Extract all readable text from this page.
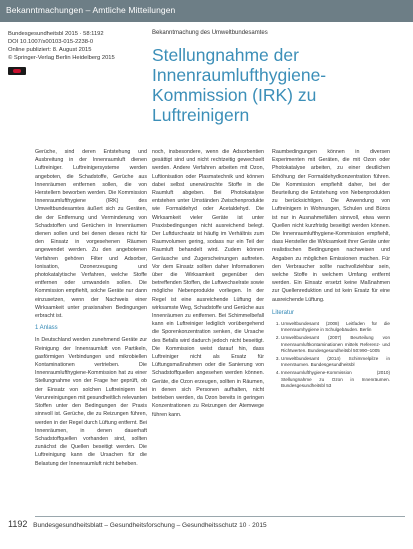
Bekanntmachungen – Amtliche Mitteilungen
Bundesgesundheitsbl 2015 · 58:1192
DOI 10.1007/s00103-015-2238-0
Online publiziert: 8. August 2015
© Springer-Verlag Berlin Heidelberg 2015
Bekanntmachung des Umweltbundesamtes
Stellungnahme der Innenraumlufthygiene-Kommission (IRK) zu Luftreinigern

Gerüche, sind deren Entstehung und Ausbreitung in der Innenraumluft dienen Luftreiniger. Luftreinigersysteme werden angeboten, die Schadstoffe, Gerüche aus Innenräumen entfernen sollen, die von Herstellern beworben werden. Die Kommission Innenraumlufthygiene (IRK) des Umweltbundesamtes äußert sich zu Geräten, die der Entfernung und Verminderung von Schadstoffen und Gerüchen in Innenräumen dienen sollen und bei denen dieses nicht für den Einsatz in vorgesehenen Räumen angewendet werden. Zu den angebotenen Verfahren gehören Filter und Adsorber, Ionisation, Ozonerzeugung und photokatalytische Verfahren, welche Stoffe entfernen oder umwandeln sollen. Die Kommission empfiehlt, solche Geräte nur dann einzusetzen, wenn der Nachweis einer Wirksamkeit unter praxisnahen Bedingungen erbracht ist.

1 Anlass

In Deutschland werden zunehmend Geräte zur Reinigung der Innenraumluft von Partikeln, gasförmigen Verbindungen und mikrobiellen Kontaminationen vertrieben. Die Innenraumlufthygiene-Kommission hat zu einer Stellungnahme von der Frage her geprüft, ob der Einsatz von solchen Luftreinigern bei Verunreinigungen mit gesundheitlich relevanten Stoffen unter den Bedingungen der Praxis sinnvoll ist. Gerüche, die zu Reizungen führen, werden in der Regel durch Lüftung entfernt. Bei Innenräumen, in denen dauerhaft Schadstoffquellen vorhanden sind, sollten zunächst die Quellen beseitigt werden. Die Luftreinigung kann die Ursachen für die Belastung der Innenraumluft nicht beheben.

noch, insbesondere, wenn die Adsorbentien gesättigt sind und nicht rechtzeitig gewechselt werden. Andere Verfahren arbeiten mit Ozon, Luftionisation oder Plasmatechnik und können dabei selbst unerwünschte Stoffe in die Raumluft abgeben. Bei Photokatalyse entstehen unter Umständen Zwischenprodukte wie Formaldehyd oder Acetaldehyd. Die Wirksamkeit vieler Geräte ist unter Praxisbedingungen nicht ausreichend belegt. Der Luftdurchsatz ist häufig im Verhältnis zum Raumvolumen gering, sodass nur ein Teil der Raumluft behandelt wird. Zudem können Geräusche und Zugerscheinungen auftreten. Vor dem Einsatz sollten daher Informationen über die Wirksamkeit gegenüber den betreffenden Stoffen, die Luftwechselrate sowie mögliche Nebenprodukte vorliegen. In der Regel ist eine ausreichende Lüftung der wirksamste Weg, Schadstoffe und Gerüche aus Innenräumen zu entfernen. Bei Schimmelbefall kann ein Luftreiniger lediglich vorübergehend die Sporenkonzentration senken, die Ursache des Befalls wird dadurch jedoch nicht beseitigt. Die Kommission weist darauf hin, dass Luftreiniger nicht als Ersatz für Lüftungsmaßnahmen oder die Sanierung von Schadstoffquellen angesehen werden können. Geräte, die Ozon erzeugen, sollten in Räumen, in denen sich Personen aufhalten, nicht betrieben werden, da Ozon bereits in geringen Konzentrationen zu Reizungen der Atemwege führen kann.

Raumbedingungen können in diversen Experimenten mit Geräten, die mit Ozon oder Photokatalyse arbeiten, zu einer deutlichen Erhöhung der Formaldehydkonzentration führen. Die Kommission empfiehlt daher, bei der Beurteilung die Entstehung von Nebenprodukten zu berücksichtigen. Die Anwendung von Luftreinigern in Wohnungen, Schulen und Büros ist nur in Ausnahmefällen sinnvoll, etwa wenn Quellen nicht kurzfristig beseitigt werden können. Die Innenraumlufthygiene-Kommission empfiehlt, dass Hersteller die Wirksamkeit ihrer Geräte unter realistischen Bedingungen nachweisen und Angaben zu möglichen Emissionen machen. Für den Verbraucher sollte nachvollziehbar sein, welche Stoffe in welchem Umfang entfernt werden. Ein Einsatz ersetzt keine Maßnahmen zur Quellenreduktion und ist kein Ersatz für eine ausreichende Lüftung.

Literatur

1. Umweltbundesamt (2008) Leitfaden für die Innenraumhygiene in Schulgebäuden. Berlin
2. Umweltbundesamt (2007) Beurteilung von Innenraumluftkontaminationen mittels Referenz- und Richtwerten. Bundesgesundheitsbl 50:990–1005
3. Umweltbundesamt (2014) Schimmelpilze in Innenräumen. Bundesgesundheitsbl
4. Innenraumlufthygiene-Kommission (2010) Stellungnahme zu Ozon in Innenräumen. Bundesgesundheitsbl 53
1192 Bundesgesundheitsblatt – Gesundheitsforschung – Gesundheitsschutz 10 · 2015
